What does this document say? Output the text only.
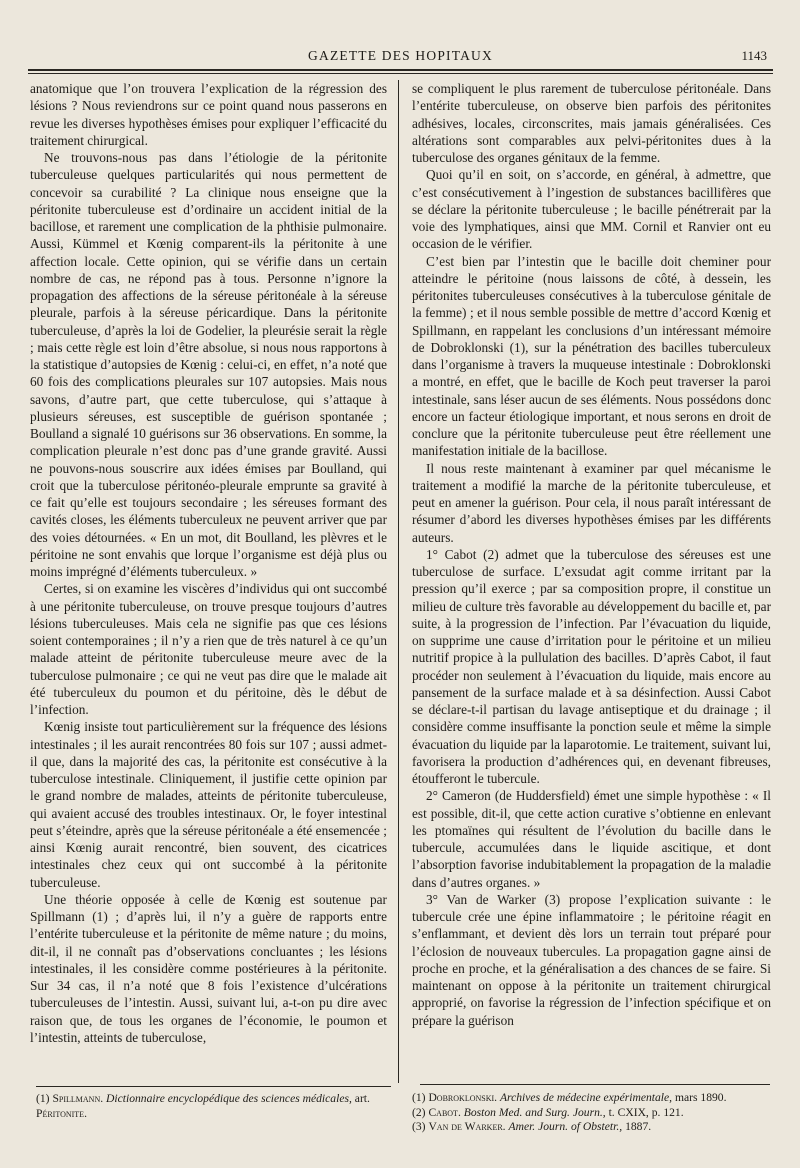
GAZETTE DES HOPITAUX	1143

anatomique que l’on trouvera l’explication de la régression des lésions ? Nous reviendrons sur ce point quand nous passerons en revue les diverses hypothèses émises pour expliquer l’efficacité du traitement chirurgical.

Ne trouvons-nous pas dans l’étiologie de la péritonite tuberculeuse quelques particularités qui nous permettent de concevoir sa curabilité ? La clinique nous enseigne que la péritonite tuberculeuse est d’ordinaire un accident initial de la bacillose, et rarement une complication de la phthisie pulmonaire. Aussi, Kümmel et Kœnig comparent-ils la péritonite à une affection locale. Cette opinion, qui se vérifie dans un certain nombre de cas, ne répond pas à tous. Personne n’ignore la propagation des affections de la séreuse péritonéale à la séreuse pleurale, parfois à la séreuse péricardique. Dans la péritonite tuberculeuse, d’après la loi de Godelier, la pleurésie serait la règle ; mais cette règle est loin d’être absolue, si nous nous rapportons à la statistique d’autopsies de Kœnig : celui-ci, en effet, n’a noté que 60 fois des complications pleurales sur 107 autopsies. Mais nous savons, d’autre part, que cette tuberculose, qui s’attaque à plusieurs séreuses, est susceptible de guérison spontanée ; Boulland a signalé 10 guérisons sur 36 observations. En somme, la complication pleurale n’est donc pas d’une grande gravité. Aussi ne pouvons-nous souscrire aux idées émises par Boulland, qui croit que la tuberculose péritonéo-pleurale emprunte sa gravité à ce fait qu’elle est toujours secondaire ; les séreuses formant des cavités closes, les éléments tuberculeux ne peuvent arriver que par des voies détournées. « En un mot, dit Boulland, les plèvres et le péritoine ne sont envahis que lorque l’organisme est déjà plus ou moins imprégné d’éléments tuberculeux. »

Certes, si on examine les viscères d’individus qui ont succombé à une péritonite tuberculeuse, on trouve presque toujours d’autres lésions tuberculeuses. Mais cela ne signifie pas que ces lésions soient contemporaines ; il n’y a rien que de très naturel à ce qu’un malade atteint de péritonite tuberculeuse meure avec de la tuberculose pulmonaire ; ce qui ne veut pas dire que le malade ait été tuberculeux du poumon et du péritoine, dès le début de l’infection.

Kœnig insiste tout particulièrement sur la fréquence des lésions intestinales ; il les aurait rencontrées 80 fois sur 107 ; aussi admet-il que, dans la majorité des cas, la péritonite est consécutive à la tuberculose intestinale. Cliniquement, il justifie cette opinion par le grand nombre de malades, atteints de péritonite tuberculeuse, qui avaient accusé des troubles intestinaux. Or, le foyer intestinal peut s’éteindre, après que la séreuse péritonéale a été ensemencée ; ainsi Kœnig aurait rencontré, bien souvent, des cicatrices intestinales chez ceux qui ont succombé à la péritonite tuberculeuse.

Une théorie opposée à celle de Kœnig est soutenue par Spillmann (1) ; d’après lui, il n’y a guère de rapports entre l’entérite tuberculeuse et la péritonite de même nature ; du moins, dit-il, il ne connaît pas d’observations concluantes ; les lésions intestinales, il les considère comme postérieures à la péritonite. Sur 34 cas, il n’a noté que 8 fois l’existence d’ulcérations tuberculeuses de l’intestin. Aussi, suivant lui, a-t-on pu dire avec raison que, de tous les organes de l’économie, le poumon et l’intestin, atteints de tuberculose,

se compliquent le plus rarement de tuberculose péritonéale. Dans l’entérite tuberculeuse, on observe bien parfois des péritonites adhésives, locales, circonscrites, mais jamais généralisées. Ces altérations sont comparables aux pelvi-péritonites dues à la tuberculose des organes génitaux de la femme.

Quoi qu’il en soit, on s’accorde, en général, à admettre, que c’est consécutivement à l’ingestion de substances bacillifères que se déclare la péritonite tuberculeuse ; le bacille pénétrerait par la voie des lymphatiques, ainsi que MM. Cornil et Ranvier ont eu occasion de le vérifier.

C’est bien par l’intestin que le bacille doit cheminer pour atteindre le péritoine (nous laissons de côté, à dessein, les péritonites tuberculeuses consécutives à la tuberculose génitale de la femme) ; et il nous semble possible de mettre d’accord Kœnig et Spillmann, en rappelant les conclusions d’un intéressant mémoire de Dobroklonski (1), sur la pénétration des bacilles tuberculeux dans l’organisme à travers la muqueuse intestinale : Dobroklonski a montré, en effet, que le bacille de Koch peut traverser la paroi intestinale, sans léser aucun de ses éléments. Nous possédons donc encore un facteur étiologique important, et nous serons en droit de conclure que la péritonite tuberculeuse peut être réellement une manifestation initiale de la bacillose.

Il nous reste maintenant à examiner par quel mécanisme le traitement a modifié la marche de la péritonite tuberculeuse, et peut en amener la guérison. Pour cela, il nous paraît intéressant de résumer d’abord les diverses hypothèses émises par les différents auteurs.

1° Cabot (2) admet que la tuberculose des séreuses est une tuberculose de surface. L’exsudat agit comme irritant par la pression qu’il exerce ; par sa composition propre, il constitue un milieu de culture très favorable au développement du bacille et, par suite, à la progression de l’infection. Par l’évacuation du liquide, on supprime une cause d’irritation pour le péritoine et un milieu nutritif propice à la pullulation des bacilles. D’après Cabot, il faut procéder non seulement à l’évacuation du liquide, mais encore au pansement de la surface malade et à sa désinfection. Aussi Cabot se déclare-t-il partisan du lavage antiseptique et du drainage ; il considère comme insuffisante la ponction seule et même la simple évacuation du liquide par la laparotomie. Le traitement, suivant lui, favorisera la production d’adhérences qui, en devenant fibreuses, étoufferont le tubercule.

2° Cameron (de Huddersfield) émet une simple hypothèse : « Il est possible, dit-il, que cette action curative s’obtienne en enlevant les ptomaïnes qui résultent de l’évolution du bacille dans le tubercule, accumulées dans le liquide ascitique, et dont l’absorption favorise indubitablement la propagation de la maladie dans d’autres organes. »

3° Van de Warker (3) propose l’explication suivante : le tubercule crée une épine inflammatoire ; le péritoine réagit en s’enflammant, et devient dès lors un terrain tout préparé pour l’éclosion de nouveaux tubercules. La propagation gagne ainsi de proche en proche, et la généralisation a des chances de se faire. Si maintenant on oppose à la péritonite un traitement chirurgical approprié, on favorise la régression de l’infection spécifique et on prépare la guérison

(1) Spillmann. Dictionnaire encyclopédique des sciences médicales, art.
Péritonite.

(1) Dobroklonski. Archives de médecine expérimentale, mars 1890.

(2) Cabot. Boston Med. and Surg. Journ., t. CXIX, p. 121.

(3) Van de Warker. Amer. Journ. of Obstetr., 1887.
